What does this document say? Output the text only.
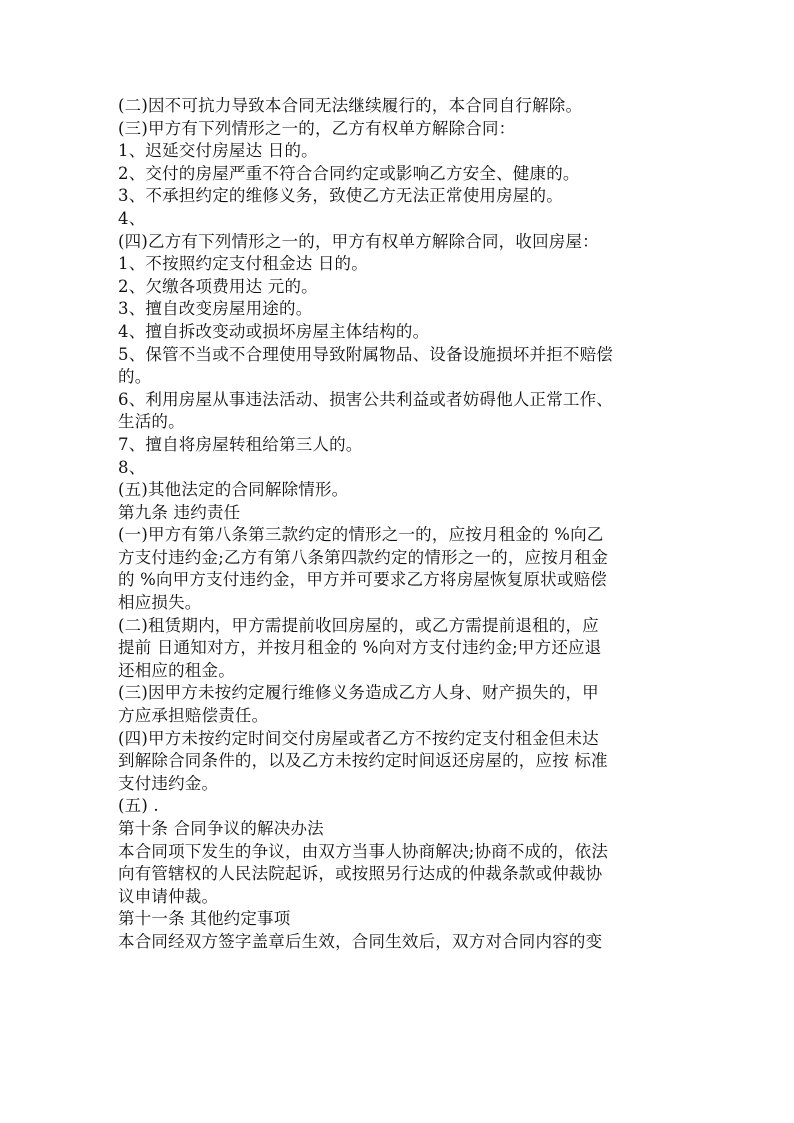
(二)因不可抗力导致本合同无法继续履行的，本合同自行解除。
(三)甲方有下列情形之一的，乙方有权单方解除合同：
1、迟延交付房屋达 日的。
2、交付的房屋严重不符合合同约定或影响乙方安全、健康的。
3、不承担约定的维修义务，致使乙方无法正常使用房屋的。
4、
(四)乙方有下列情形之一的，甲方有权单方解除合同，收回房屋：
1、不按照约定支付租金达 日的。
2、欠缴各项费用达 元的。
3、擅自改变房屋用途的。
4、擅自拆改变动或损坏房屋主体结构的。
5、保管不当或不合理使用导致附属物品、设备设施损坏并拒不赔偿
的。
6、利用房屋从事违法活动、损害公共利益或者妨碍他人正常工作、
生活的。
7、擅自将房屋转租给第三人的。
8、
(五)其他法定的合同解除情形。
第九条 违约责任
(一)甲方有第八条第三款约定的情形之一的，应按月租金的 %向乙
方支付违约金;乙方有第八条第四款约定的情形之一的，应按月租金
的 %向甲方支付违约金，甲方并可要求乙方将房屋恢复原状或赔偿
相应损失。
(二)租赁期内，甲方需提前收回房屋的，或乙方需提前退租的，应
提前 日通知对方，并按月租金的 %向对方支付违约金;甲方还应退
还相应的租金。
(三)因甲方未按约定履行维修义务造成乙方人身、财产损失的，甲
方应承担赔偿责任。
(四)甲方未按约定时间交付房屋或者乙方不按约定支付租金但未达
到解除合同条件的，以及乙方未按约定时间返还房屋的，应按 标准
支付违约金。
(五) .
第十条 合同争议的解决办法
本合同项下发生的争议，由双方当事人协商解决;协商不成的，依法
向有管辖权的人民法院起诉，或按照另行达成的仲裁条款或仲裁协
议申请仲裁。
第十一条 其他约定事项
本合同经双方签字盖章后生效，合同生效后，双方对合同内容的变
